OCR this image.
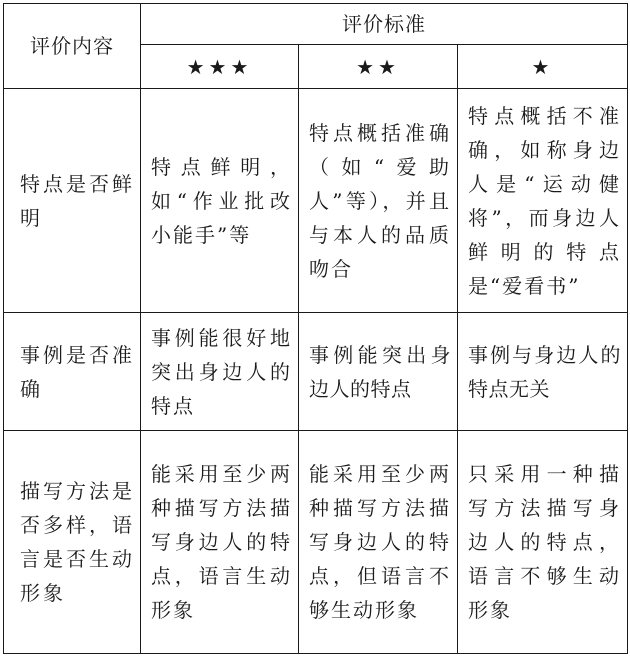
评价内容	评价标准		
	★★★	★★	★
特点是否鲜明	特点鲜明，如“作业批改小能手”等	特点概括准确（如“爱助人”等），并且与本人的品质吻合	特点概括不准确，如称身边人是“运动健将”，而身边人鲜明的特点是“爱看书”
事例是否准确	事例能很好地突出身边人的特点	事例能突出身边人的特点	事例与身边人的特点无关
描写方法是否多样，语言是否生动形象	能采用至少两种描写方法描写身边人的特点，语言生动形象	能采用至少两种描写方法描写身边人的特点，但语言不够生动形象	只采用一种描写方法描写身边人的特点，语言不够生动形象
